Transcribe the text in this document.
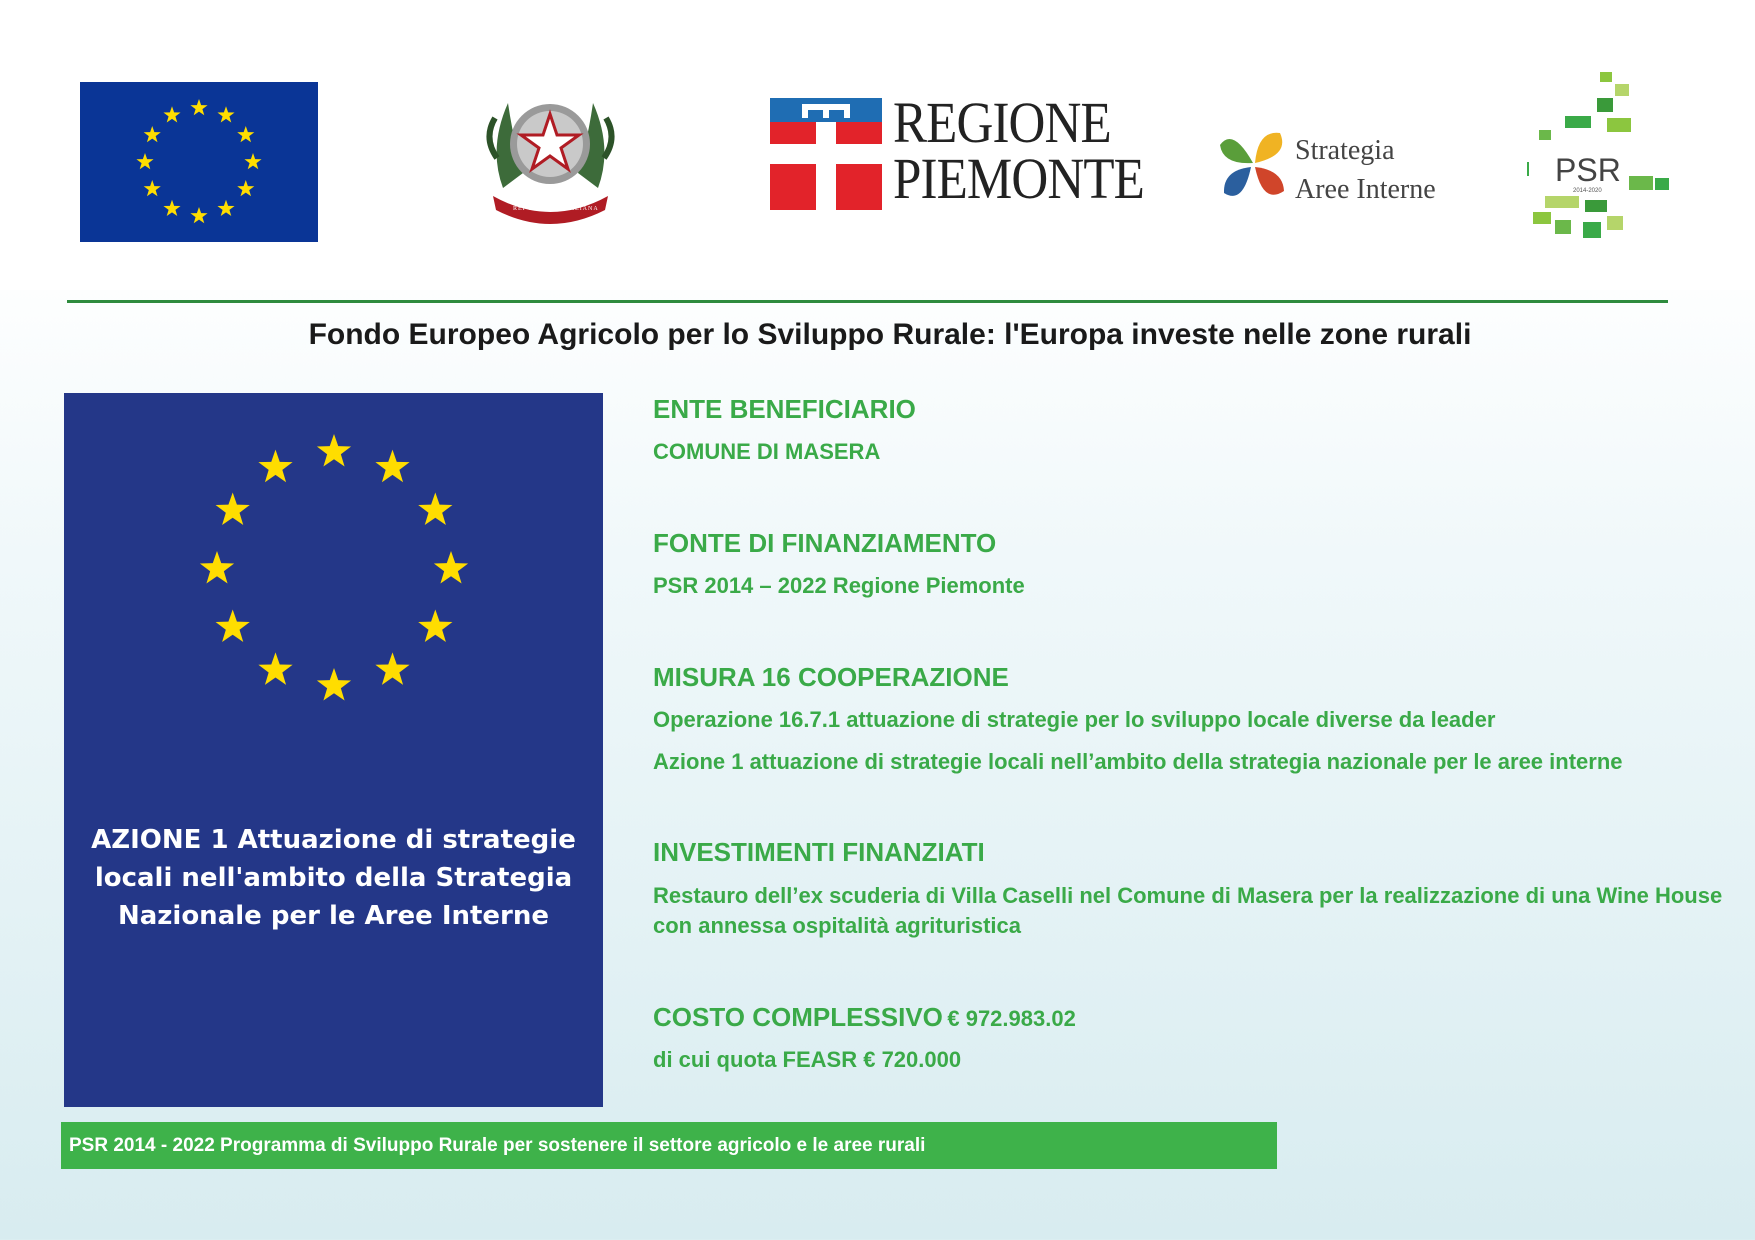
REPVBBLICA ITALIANA
REGIONE
PIEMONTE	Strategia
Aree Interne
PSR
2014-2020
Fondo Europeo Agricolo per lo Sviluppo Rurale: l'Europa investe nelle zone rurali
AZIONE 1 Attuazione di strategie locali nell'ambito della Strategia Nazionale per le Aree Interne
ENTE BENEFICIARIO
COMUNE DI MASERA
FONTE DI FINANZIAMENTO
PSR 2014 – 2022 Regione Piemonte
MISURA 16 COOPERAZIONE
Operazione 16.7.1 attuazione di strategie per lo sviluppo locale diverse da leader
Azione 1 attuazione di strategie locali nell’ambito della strategia nazionale per le aree interne
INVESTIMENTI FINANZIATI
Restauro dell’ex scuderia di Villa Caselli nel Comune di Masera per la realizzazione di una Wine House con annessa ospitalità agrituristica
COSTO COMPLESSIVO € 972.983.02
di cui quota FEASR € 720.000
PSR 2014 - 2022 Programma di Sviluppo Rurale per sostenere il settore agricolo e le aree rurali
